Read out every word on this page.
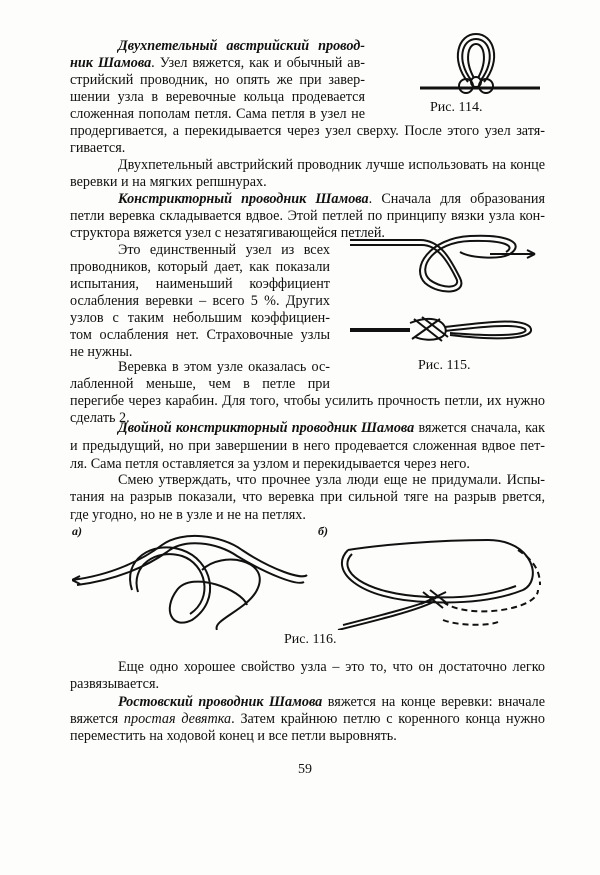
Двухпетельный австрийский провод-
ник Шамова. Узел вяжется, как и обычный ав-
стрийский проводник, но опять же при завер-
шении узла в веревочные кольца продевается
сложенная пополам петля. Сама петля в узел не
продергивается, а перекидывается через узел сверху. После этого узел затя-
гивается.
Рис. 114.
Двухпетельный австрийский проводник лучше использовать на конце
веревки и на мягких репшнурах.
Констрикторный проводник Шамова. Сначала для образования
петли веревка складывается вдвое. Этой петлей по принципу вязки узла кон-
структора вяжется узел с незатягивающейся петлей.
Это единственный узел из всех
проводников, который дает, как показали
испытания, наименьший коэффициент
ослабления веревки – всего 5 %. Других
узлов с таким небольшим коэффициен-
том ослабления нет. Страховочные узлы
не нужны.
Рис. 115.
Веревка в этом узле оказалась ос-
лабленной меньше, чем в петле при
перегибе через карабин. Для того, чтобы усилить прочность петли, их нужно
сделать 2.
Двойной констрикторный проводник Шамова вяжется сначала, как
и предыдущий, но при завершении в него продевается сложенная вдвое пет-
ля. Сама петля оставляется за узлом и перекидывается через него.
Смею утверждать, что прочнее узла люди еще не придумали. Испы-
тания на разрыв показали, что веревка при сильной тяге на разрыв рвется,
где угодно, но не в узле и не на петлях.
а)	б)
Рис. 116.
Еще одно хорошее свойство узла – это то, что он достаточно легко
развязывается.
Ростовский проводник Шамова вяжется на конце веревки: вначале
вяжется простая девятка. Затем крайнюю петлю с коренного конца нужно
переместить на ходовой конец и все петли выровнять.
59
